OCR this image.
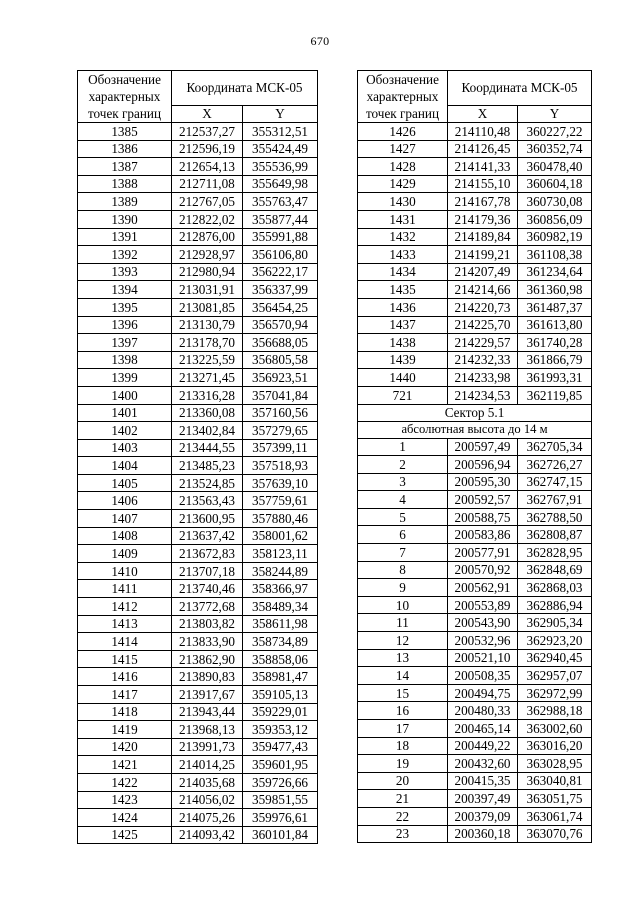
670
Обозначение характерных точек границ	Координата МСК-05	
	X	Y
1385	212537,27	355312,51
1386	212596,19	355424,49
1387	212654,13	355536,99
1388	212711,08	355649,98
1389	212767,05	355763,47
1390	212822,02	355877,44
1391	212876,00	355991,88
1392	212928,97	356106,80
1393	212980,94	356222,17
1394	213031,91	356337,99
1395	213081,85	356454,25
1396	213130,79	356570,94
1397	213178,70	356688,05
1398	213225,59	356805,58
1399	213271,45	356923,51
1400	213316,28	357041,84
1401	213360,08	357160,56
1402	213402,84	357279,65
1403	213444,55	357399,11
1404	213485,23	357518,93
1405	213524,85	357639,10
1406	213563,43	357759,61
1407	213600,95	357880,46
1408	213637,42	358001,62
1409	213672,83	358123,11
1410	213707,18	358244,89
1411	213740,46	358366,97
1412	213772,68	358489,34
1413	213803,82	358611,98
1414	213833,90	358734,89
1415	213862,90	358858,06
1416	213890,83	358981,47
1417	213917,67	359105,13
1418	213943,44	359229,01
1419	213968,13	359353,12
1420	213991,73	359477,43
1421	214014,25	359601,95
1422	214035,68	359726,66
1423	214056,02	359851,55
1424	214075,26	359976,61
1425	214093,42	360101,84
Обозначение характерных точек границ	Координата МСК-05	
	X	Y
1426	214110,48	360227,22
1427	214126,45	360352,74
1428	214141,33	360478,40
1429	214155,10	360604,18
1430	214167,78	360730,08
1431	214179,36	360856,09
1432	214189,84	360982,19
1433	214199,21	361108,38
1434	214207,49	361234,64
1435	214214,66	361360,98
1436	214220,73	361487,37
1437	214225,70	361613,80
1438	214229,57	361740,28
1439	214232,33	361866,79
1440	214233,98	361993,31
721	214234,53	362119,85
Сектор 5.1		
абсолютная высота до 14 м		
1	200597,49	362705,34
2	200596,94	362726,27
3	200595,30	362747,15
4	200592,57	362767,91
5	200588,75	362788,50
6	200583,86	362808,87
7	200577,91	362828,95
8	200570,92	362848,69
9	200562,91	362868,03
10	200553,89	362886,94
11	200543,90	362905,34
12	200532,96	362923,20
13	200521,10	362940,45
14	200508,35	362957,07
15	200494,75	362972,99
16	200480,33	362988,18
17	200465,14	363002,60
18	200449,22	363016,20
19	200432,60	363028,95
20	200415,35	363040,81
21	200397,49	363051,75
22	200379,09	363061,74
23	200360,18	363070,76
